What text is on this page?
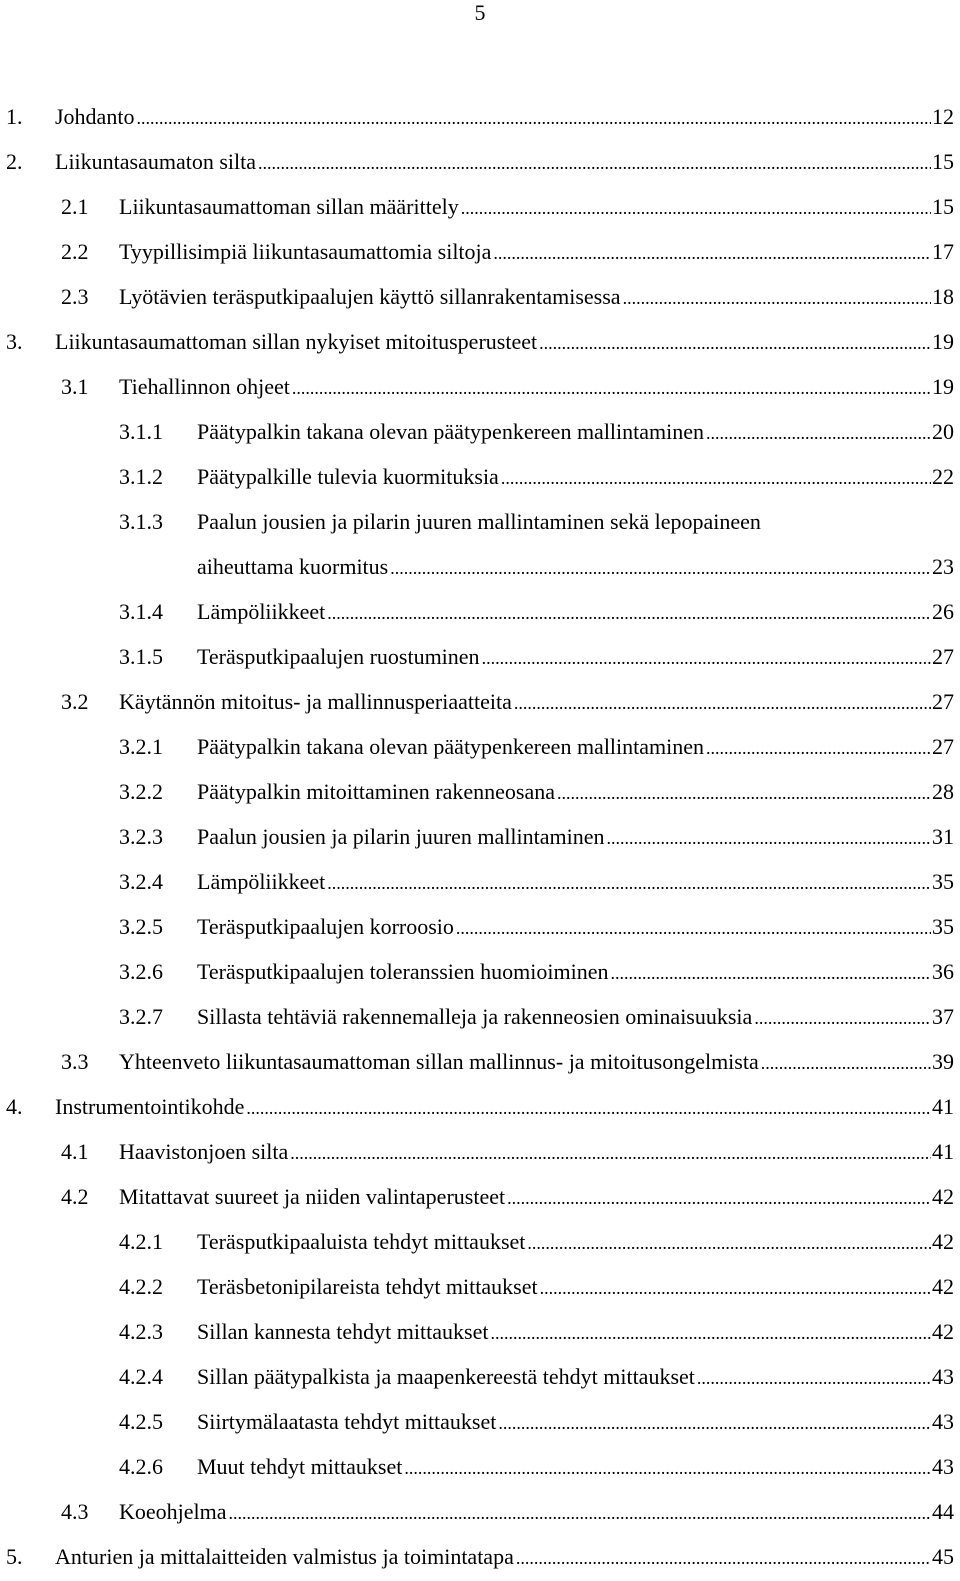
5
1. Johdanto .....	12
2. Liikuntasaumaton silta .....	15
2.1 Liikuntasaumattoman sillan määrittely .....	15
2.2 Tyypillisimpiä liikuntasaumattomia siltoja .....	17
2.3 Lyötävien teräsputkipaalujen käyttö sillanrakentamisessa .....	18
3. Liikuntasaumattoman sillan nykyiset mitoitusperusteet .....	19
3.1 Tiehallinnon ohjeet .....	19
3.1.1 Päätypalkin takana olevan päätypenkereen mallintaminen .....	20
3.1.2 Päätypalkille tulevia kuormituksia .....	22
3.1.3 Paalun jousien ja pilarin juuren mallintaminen sekä lepopaineen
aiheuttama kuormitus .....	23
3.1.4 Lämpöliikkeet .....	26
3.1.5 Teräsputkipaalujen ruostuminen .....	27
3.2 Käytännön mitoitus- ja mallinnusperiaatteita .....	27
3.2.1 Päätypalkin takana olevan päätypenkereen mallintaminen .....	27
3.2.2 Päätypalkin mitoittaminen rakenneosana .....	28
3.2.3 Paalun jousien ja pilarin juuren mallintaminen .....	31
3.2.4 Lämpöliikkeet .....	35
3.2.5 Teräsputkipaalujen korroosio .....	35
3.2.6 Teräsputkipaalujen toleranssien huomioiminen .....	36
3.2.7 Sillasta tehtäviä rakennemalleja ja rakenneosien ominaisuuksia .....	37
3.3 Yhteenveto liikuntasaumattoman sillan mallinnus- ja mitoitusongelmista .....	39
4. Instrumentointikohde .....	41
4.1 Haavistonjoen silta .....	41
4.2 Mitattavat suureet ja niiden valintaperusteet .....	42
4.2.1 Teräsputkipaaluista tehdyt mittaukset .....	42
4.2.2 Teräsbetonipilareista tehdyt mittaukset .....	42
4.2.3 Sillan kannesta tehdyt mittaukset .....	42
4.2.4 Sillan päätypalkista ja maapenkereestä tehdyt mittaukset .....	43
4.2.5 Siirtymälaatasta tehdyt mittaukset .....	43
4.2.6 Muut tehdyt mittaukset .....	43
4.3 Koeohjelma .....	44
5. Anturien ja mittalaitteiden valmistus ja toimintatapa .....	45
